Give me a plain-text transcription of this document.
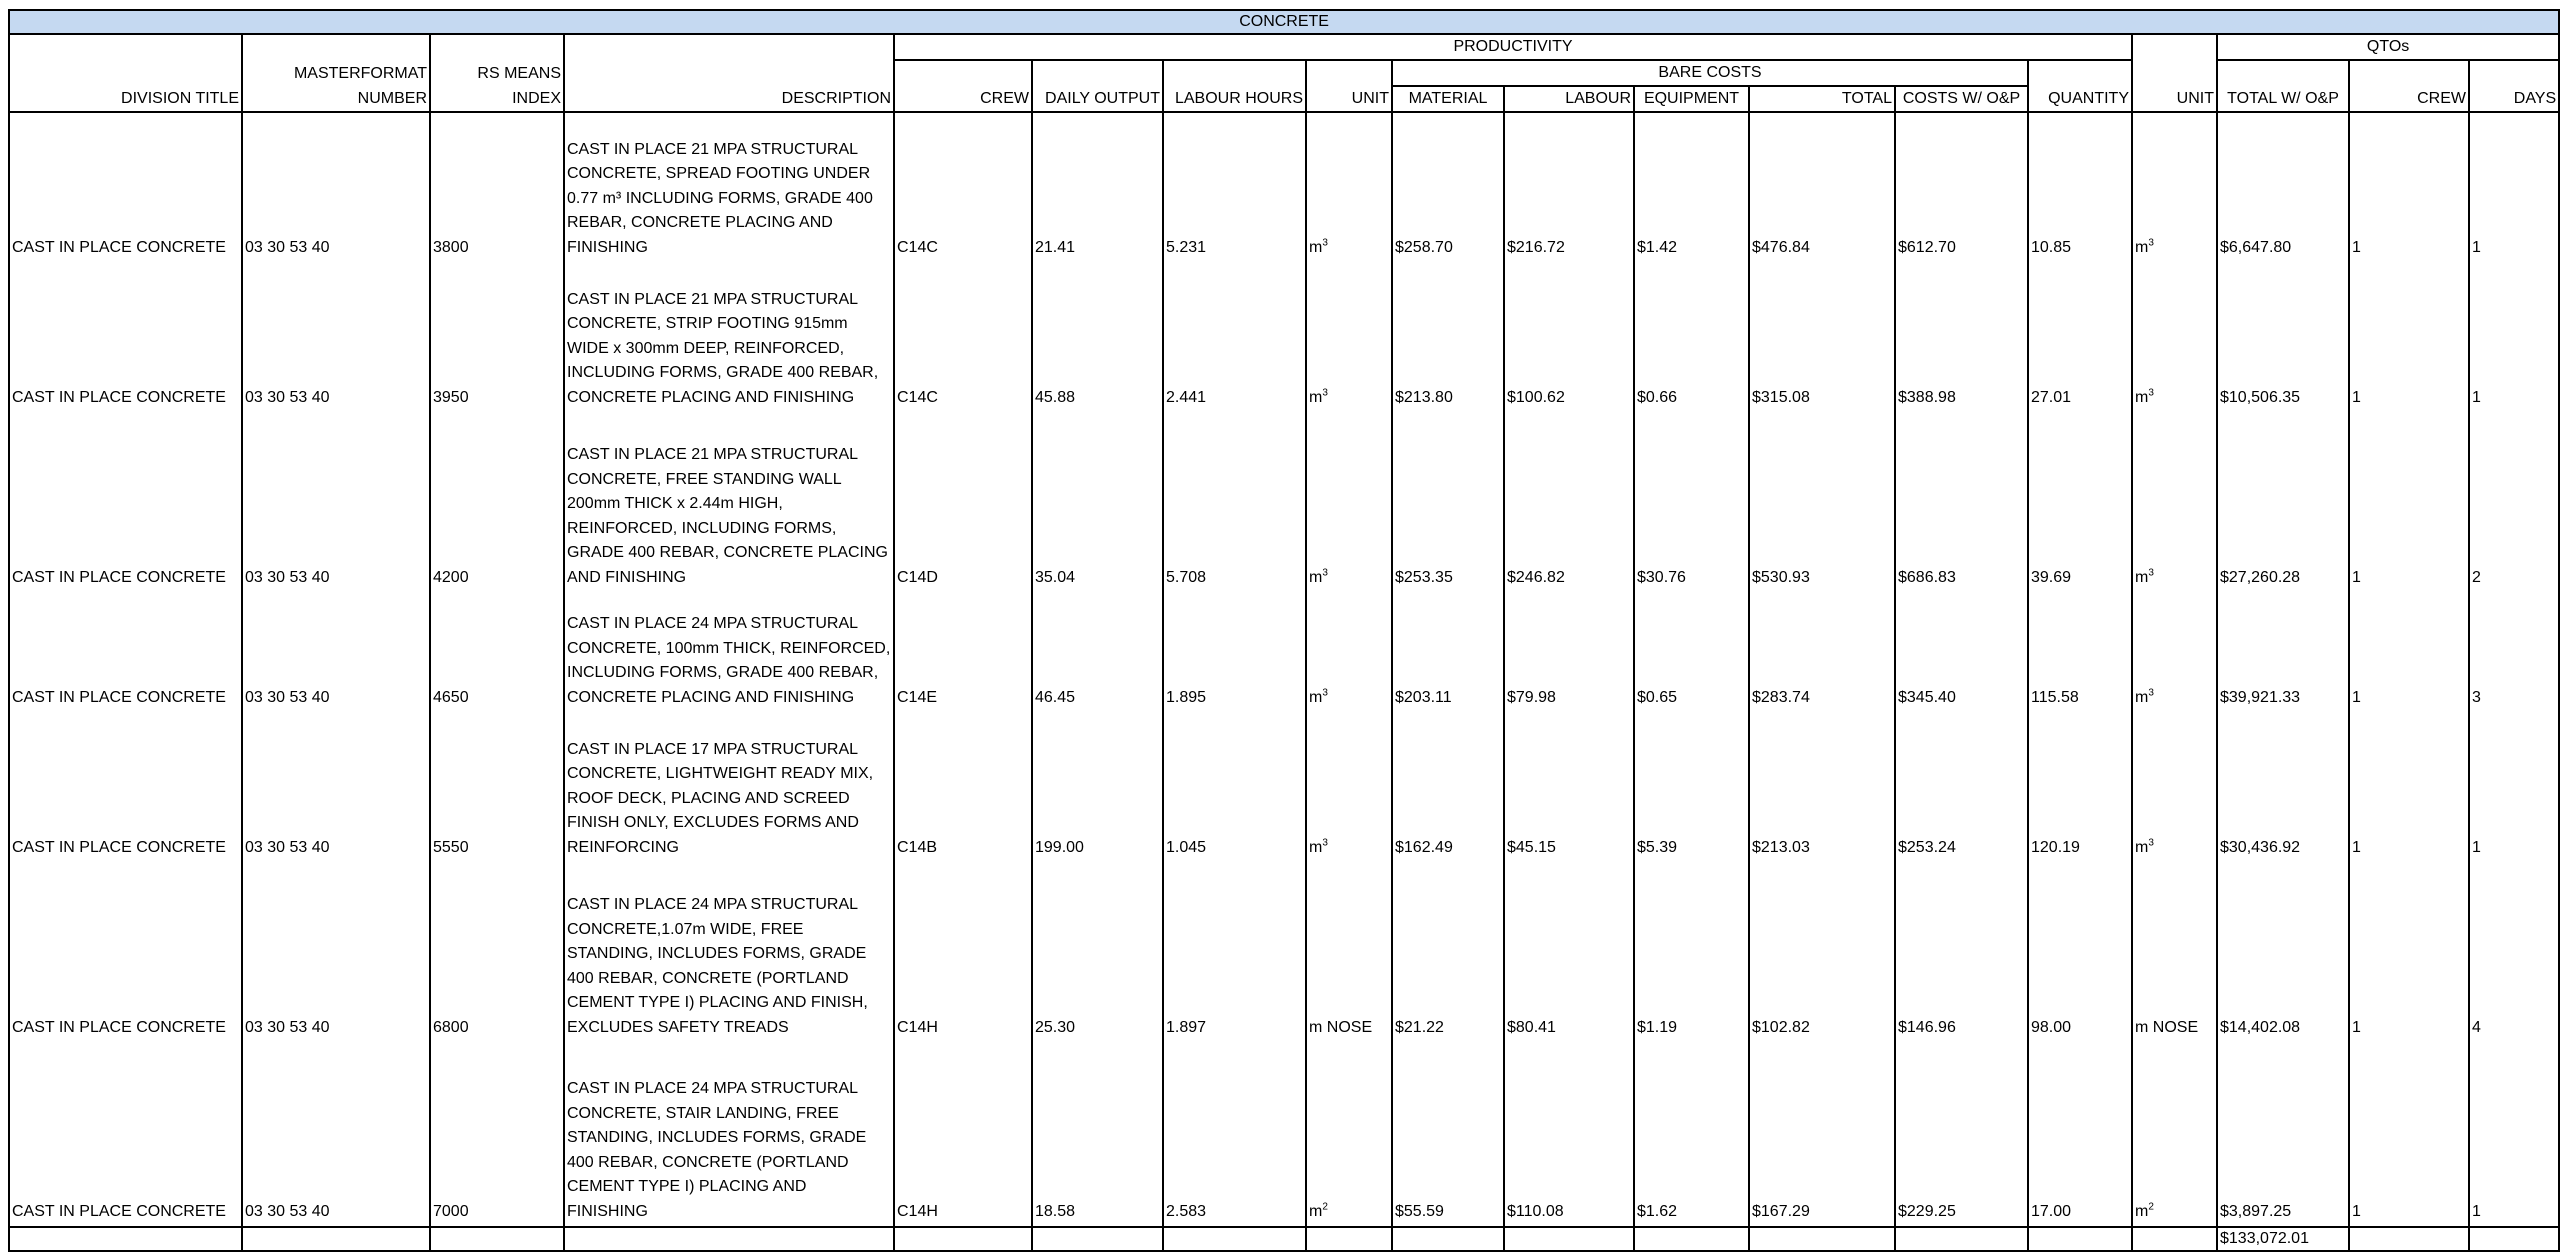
CONCRETE																		
				PRODUCTIVITY											QTOs	
	MASTERFORMAT	RS MEANS						BARE COSTS										
DIVISION TITLE	NUMBER	INDEX	DESCRIPTION	CREW	DAILY OUTPUT	LABOUR HOURS	UNIT	MATERIAL	LABOUR	EQUIPMENT	TOTAL	COSTS W/ O&P	QUANTITY	UNIT	TOTAL W/ O&P	CREW	DAYS	
CAST IN PLACE CONCRETE	03 30 53 40	3800	CAST IN PLACE 21 MPA STRUCTURAL CONCRETE, SPREAD FOOTING UNDER 0.77 m³ INCLUDING FORMS, GRADE 400 REBAR, CONCRETE PLACING AND FINISHING	C14C	21.41	5.231	$m^3$	$258.70	$216.72	$1.42	$476.84	$612.70	10.85	$m^3$	$6,647.80	1	1	
CAST IN PLACE CONCRETE	03 30 53 40	3950	CAST IN PLACE 21 MPA STRUCTURAL CONCRETE, STRIP FOOTING 915mm WIDE x 300mm DEEP, REINFORCED, INCLUDING FORMS, GRADE 400 REBAR, CONCRETE PLACING AND FINISHING	C14C	45.88	2.441	$m^3$	$213.80	$100.62	$0.66	$315.08	$388.98	27.01	$m^3$	$10,506.35	1	1	
CAST IN PLACE CONCRETE	03 30 53 40	4200	CAST IN PLACE 21 MPA STRUCTURAL CONCRETE, FREE STANDING WALL 200mm THICK x 2.44m HIGH, REINFORCED, INCLUDING FORMS, GRADE 400 REBAR, CONCRETE PLACING AND FINISHING	C14D	35.04	5.708	$m^3$	$253.35	$246.82	$30.76	$530.93	$686.83	39.69	$m^3$	$27,260.28	1	2	
CAST IN PLACE CONCRETE	03 30 53 40	4650	CAST IN PLACE 24 MPA STRUCTURAL CONCRETE, 100mm THICK, REINFORCED, INCLUDING FORMS, GRADE 400 REBAR, CONCRETE PLACING AND FINISHING	C14E	46.45	1.895	$m^3$	$203.11	$79.98	$0.65	$283.74	$345.40	115.58	$m^3$	$39,921.33	1	3	
CAST IN PLACE CONCRETE	03 30 53 40	5550	CAST IN PLACE 17 MPA STRUCTURAL CONCRETE, LIGHTWEIGHT READY MIX, ROOF DECK, PLACING AND SCREED FINISH ONLY, EXCLUDES FORMS AND REINFORCING	C14B	199.00	1.045	$m^3$	$162.49	$45.15	$5.39	$213.03	$253.24	120.19	$m^3$	$30,436.92	1	1	
CAST IN PLACE CONCRETE	03 30 53 40	6800	CAST IN PLACE 24 MPA STRUCTURAL CONCRETE,1.07m WIDE, FREE STANDING, INCLUDES FORMS, GRADE 400 REBAR, CONCRETE (PORTLAND CEMENT TYPE I) PLACING AND FINISH, EXCLUDES SAFETY TREADS	C14H	25.30	1.897	m NOSE	$21.22	$80.41	$1.19	$102.82	$146.96	98.00	m NOSE	$14,402.08	1	4	
CAST IN PLACE CONCRETE	03 30 53 40	7000	CAST IN PLACE 24 MPA STRUCTURAL CONCRETE, STAIR LANDING, FREE STANDING, INCLUDES FORMS, GRADE 400 REBAR, CONCRETE (PORTLAND CEMENT TYPE I) PLACING AND FINISHING	C14H	18.58	2.583	$m^2$	$55.59	$110.08	$1.62	$167.29	$229.25	17.00	$m^2$	$3,897.25	1	1	
															$133,072.01			
